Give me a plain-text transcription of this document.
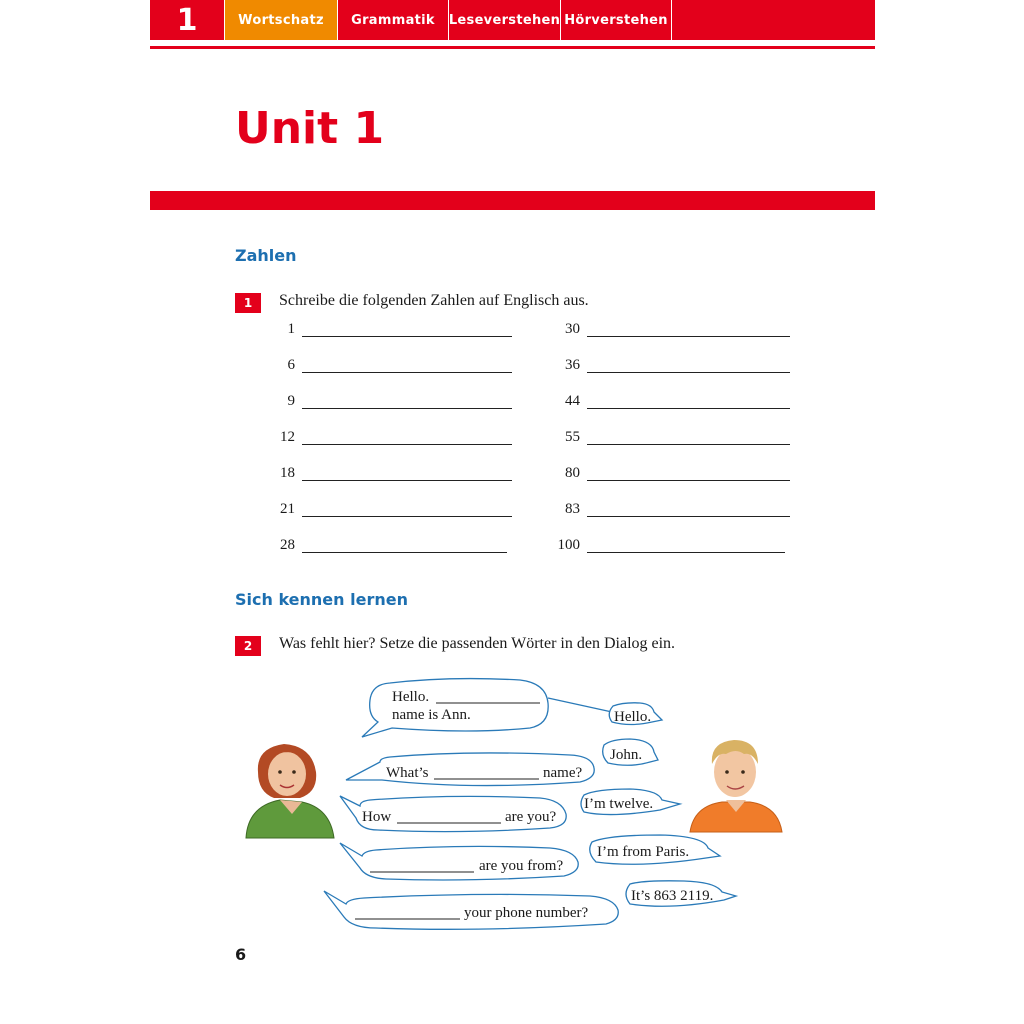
1	Wortschatz	Grammatik	Leseverstehen Hörverstehen
Unit 1
Zahlen
1	Schreibe die folgenden Zahlen auf Englisch aus.
1	30
6	36
9	44
12	55
18	80
21	83
28	100
Sich kennen lernen
2	Was fehlt hier? Setze die passenden Wörter in den Dialog ein.
Hello.
name is Ann.	Hello.
John.
What’s	name?
I’m twelve.
How	are you?
I’m from Paris.
are you from?
It’s 863 2119.
your phone number?
6
